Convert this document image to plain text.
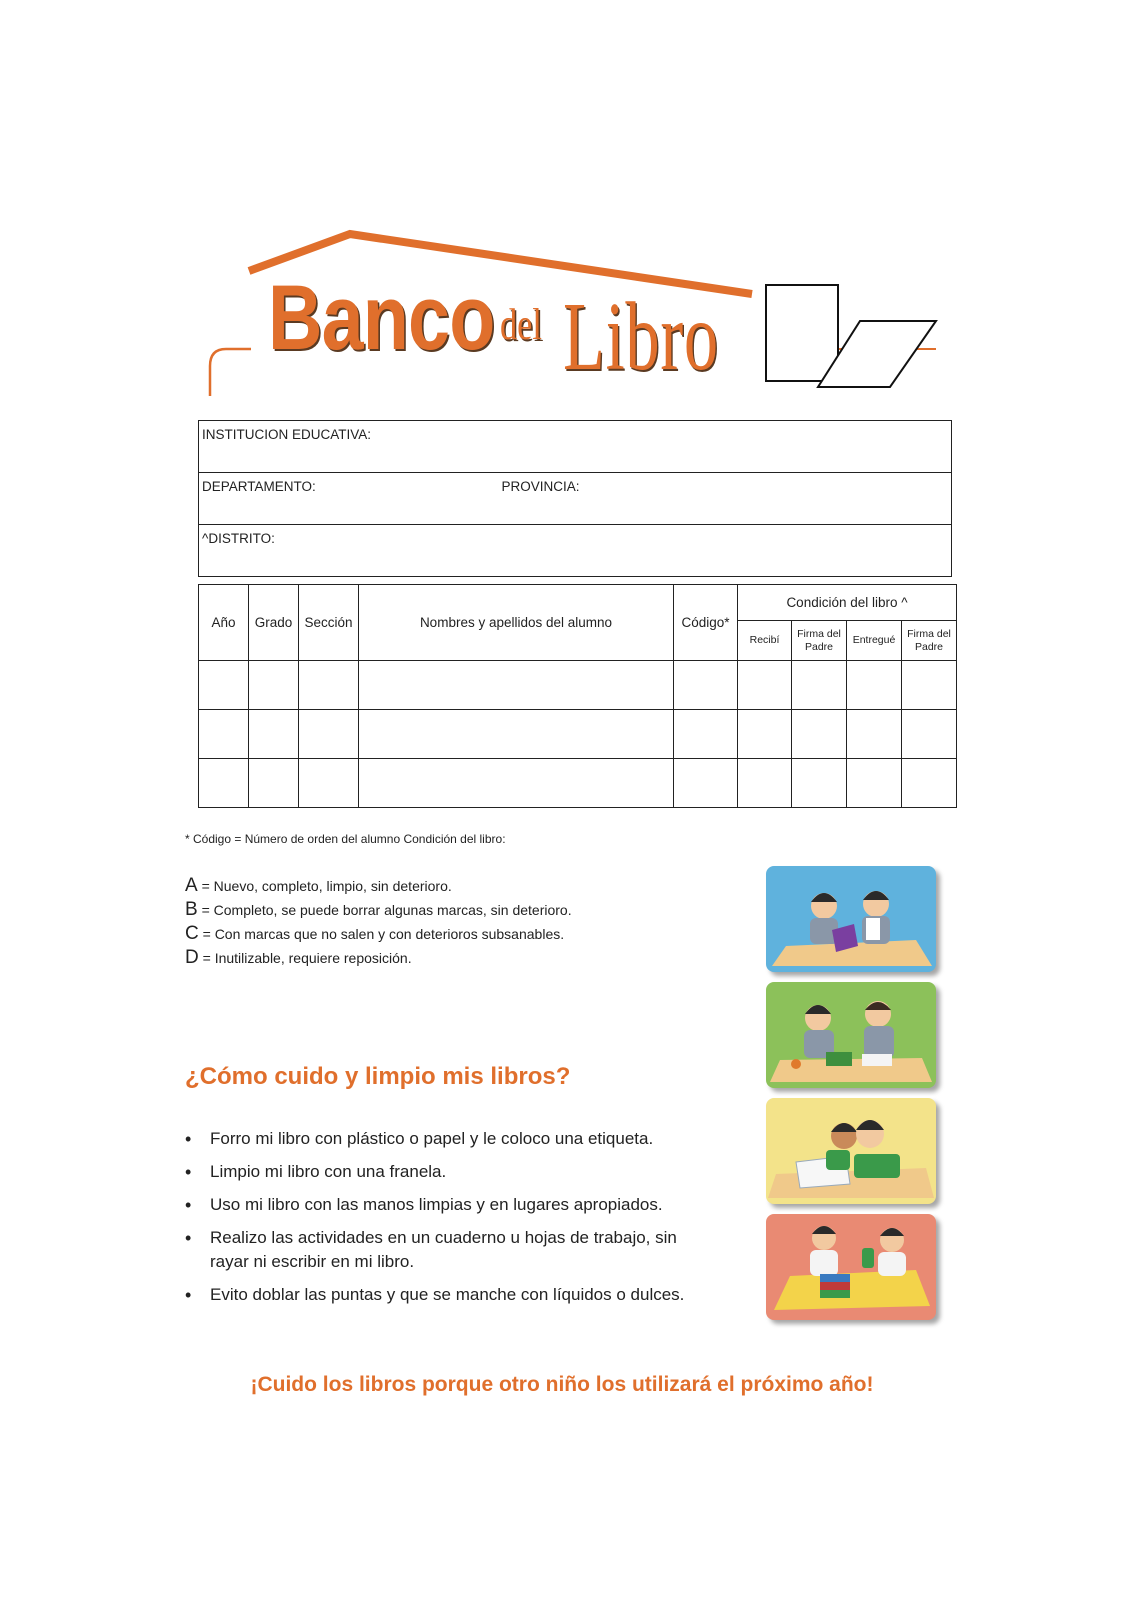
Banco del Libro
INSTITUCION EDUCATIVA:
DEPARTAMENTO:	PROVINCIA:

^DISTRITO:
Año	Grado	Sección	Nombres y apellidos del alumno	Código*	Condición del libro ^			
					Recibí	Firma del Padre	Entregué	Firma del Padre

* Código = Número de orden del alumno Condición del libro:
A = Nuevo, completo, limpio, sin deterioro.
B = Completo, se puede borrar algunas marcas, sin deterioro.
C = Con marcas que no salen y con deterioros subsanables.
D = Inutilizable, requiere reposición.
¿Cómo cuido y limpio mis libros?
• Forro mi libro con plástico o papel y le coloco una etiqueta.
• Limpio mi libro con una franela.
• Uso mi libro con las manos limpias y en lugares apropiados.
• Realizo las actividades en un cuaderno u hojas de trabajo, sin rayar ni escribir en mi libro.
• Evito doblar las puntas y que se manche con líquidos o dulces.
¡Cuido los libros porque otro niño los utilizará el próximo año!
